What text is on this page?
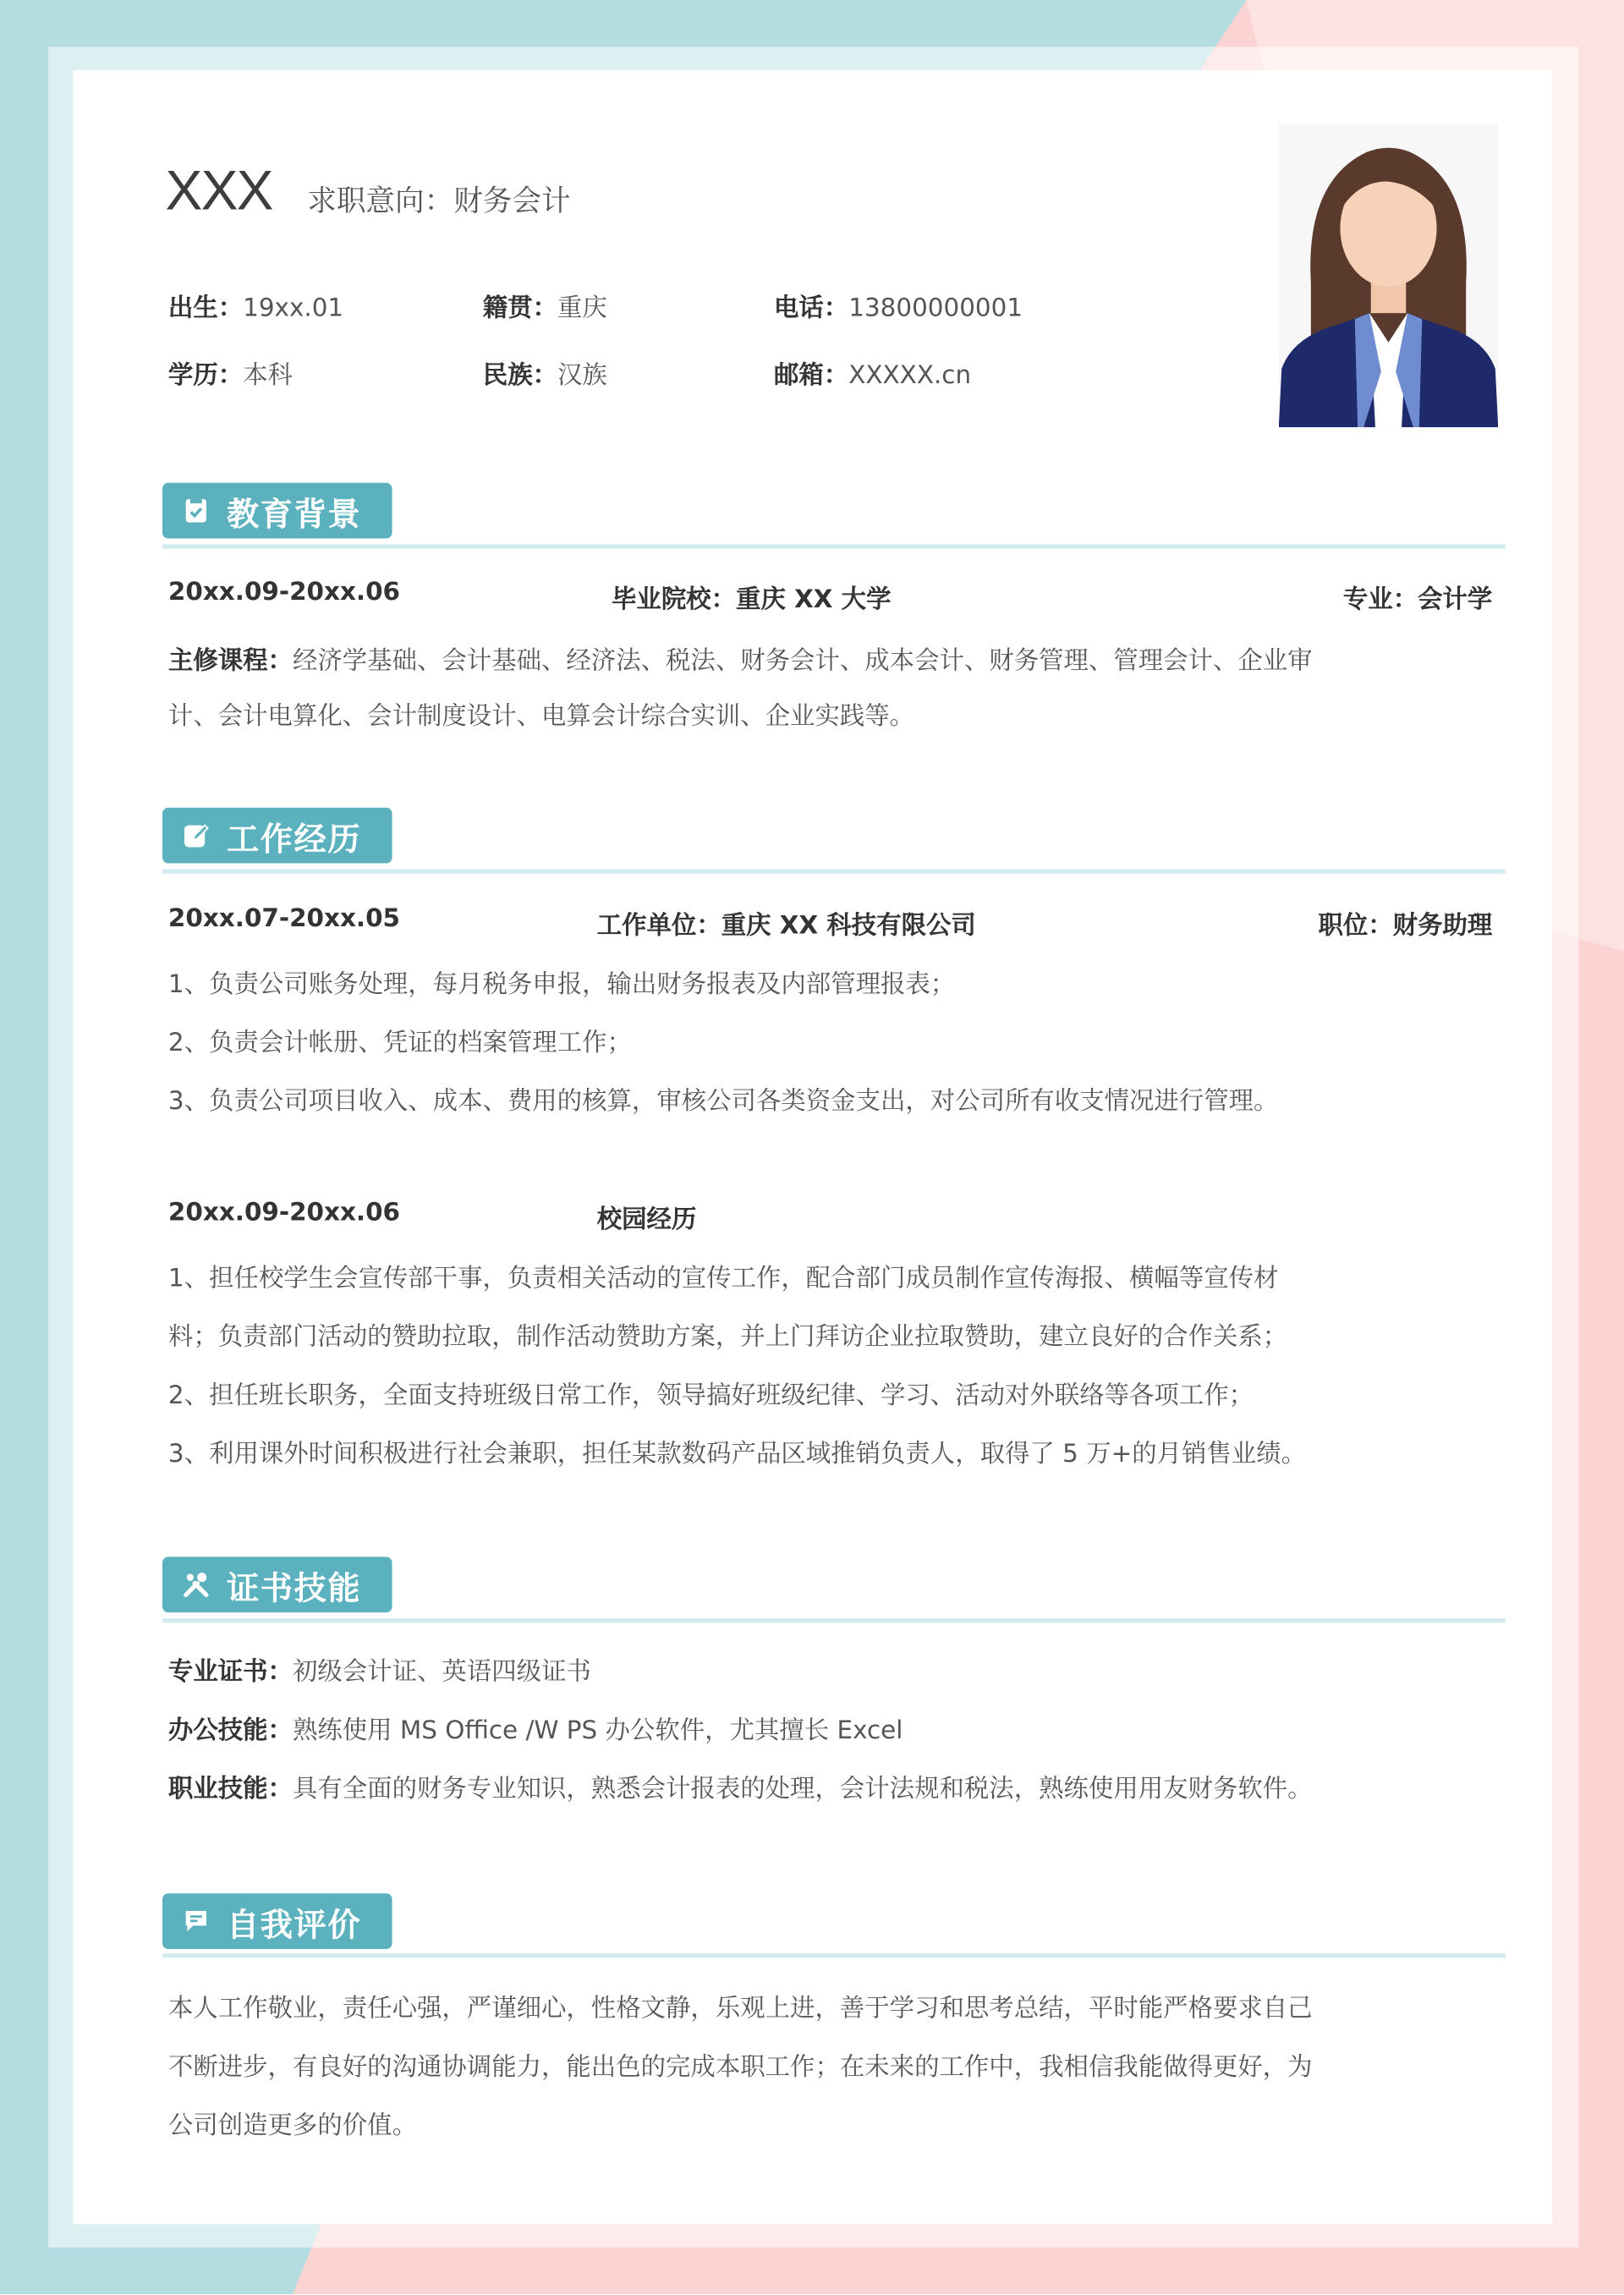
XXX 求职意向：财务会计
出生：19xx.01	籍贯：重庆	电话：13800000001
学历：本科	民族：汉族	邮箱：XXXXX.cn
教育背景
20xx.09-20xx.06	毕业院校：重庆 XX 大学	专业：会计学
主修课程：经济学基础、会计基础、经济法、税法、财务会计、成本会计、财务管理、管理会计、企业审
计、会计电算化、会计制度设计、电算会计综合实训、企业实践等。
工作经历
20xx.07-20xx.05	工作单位：重庆 XX 科技有限公司	职位：财务助理
1、负责公司账务处理，每月税务申报，输出财务报表及内部管理报表；
2、负责会计帐册、凭证的档案管理工作；
3、负责公司项目收入、成本、费用的核算，审核公司各类资金支出，对公司所有收支情况进行管理。
20xx.09-20xx.06	校园经历
1、担任校学生会宣传部干事，负责相关活动的宣传工作，配合部门成员制作宣传海报、横幅等宣传材
料；负责部门活动的赞助拉取，制作活动赞助方案，并上门拜访企业拉取赞助，建立良好的合作关系；
2、担任班长职务，全面支持班级日常工作，领导搞好班级纪律、学习、活动对外联络等各项工作；
3、利用课外时间积极进行社会兼职，担任某款数码产品区域推销负责人，取得了 5 万+的月销售业绩。
证书技能
专业证书：初级会计证、英语四级证书
办公技能：熟练使用 MS Office /W PS 办公软件，尤其擅长 Excel
职业技能：具有全面的财务专业知识，熟悉会计报表的处理，会计法规和税法，熟练使用用友财务软件。
自我评价
本人工作敬业，责任心强，严谨细心，性格文静，乐观上进，善于学习和思考总结，平时能严格要求自己
不断进步，有良好的沟通协调能力，能出色的完成本职工作；在未来的工作中，我相信我能做得更好，为
公司创造更多的价值。
